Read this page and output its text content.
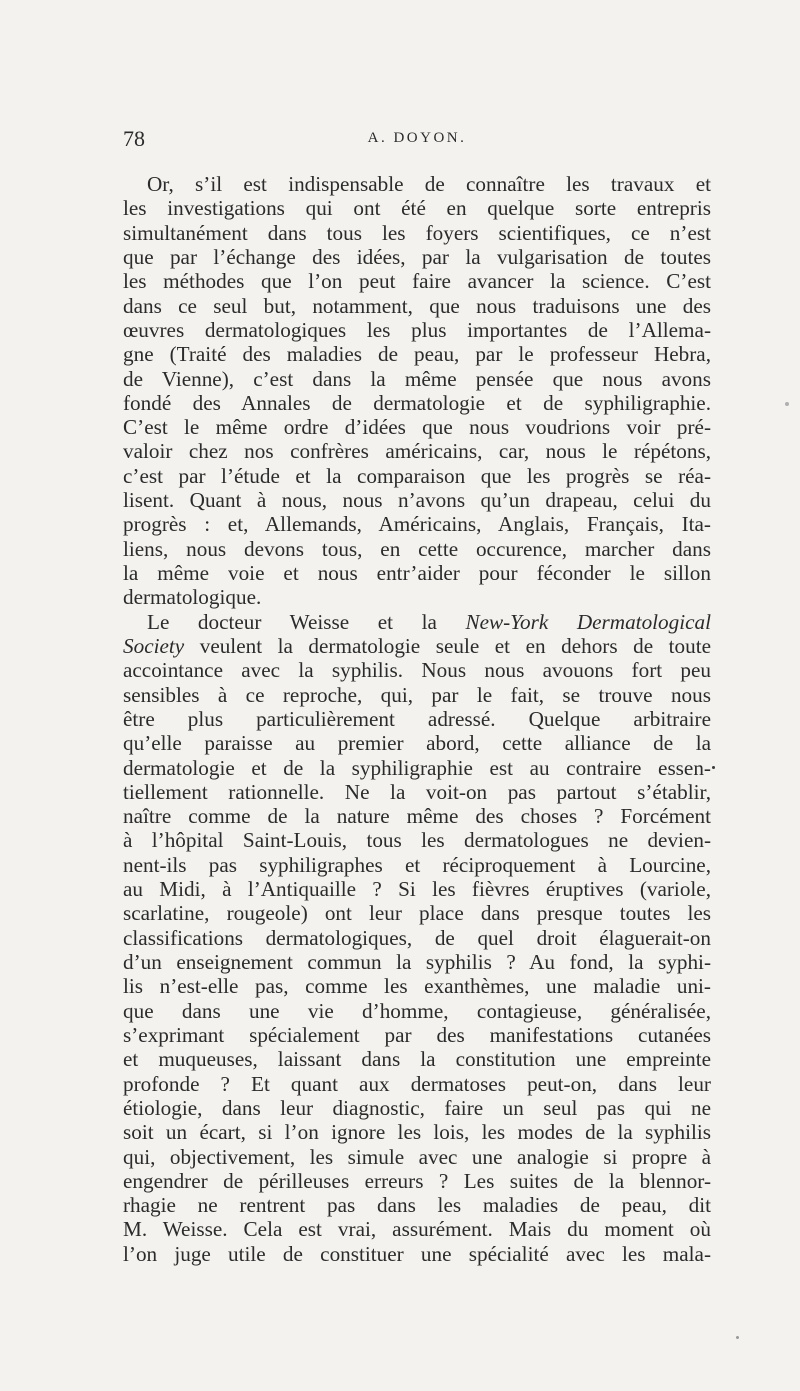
78	A. DOYON.
Or, s’il est indispensable de connaître les travaux et
les investigations qui ont été en quelque sorte entrepris
simultanément dans tous les foyers scientifiques, ce n’est
que par l’échange des idées, par la vulgarisation de toutes
les méthodes que l’on peut faire avancer la science. C’est
dans ce seul but, notamment, que nous traduisons une des
œuvres dermatologiques les plus importantes de l’Allema-
gne (Traité des maladies de peau, par le professeur Hebra,
de Vienne), c’est dans la même pensée que nous avons
fondé des Annales de dermatologie et de syphiligraphie.
C’est le même ordre d’idées que nous voudrions voir pré-
valoir chez nos confrères américains, car, nous le répétons,
c’est par l’étude et la comparaison que les progrès se réa-
lisent. Quant à nous, nous n’avons qu’un drapeau, celui du
progrès : et, Allemands, Américains, Anglais, Français, Ita-
liens, nous devons tous, en cette occurence, marcher dans
la même voie et nous entr’aider pour féconder le sillon
dermatologique.
Le docteur Weisse et la New-York Dermatological
Society veulent la dermatologie seule et en dehors de toute
accointance avec la syphilis. Nous nous avouons fort peu
sensibles à ce reproche, qui, par le fait, se trouve nous
être plus particulièrement adressé. Quelque arbitraire
qu’elle paraisse au premier abord, cette alliance de la
dermatologie et de la syphiligraphie est au contraire essen-
tiellement rationnelle. Ne la voit-on pas partout s’établir,
naître comme de la nature même des choses ? Forcément
à l’hôpital Saint-Louis, tous les dermatologues ne devien-
nent-ils pas syphiligraphes et réciproquement à Lourcine,
au Midi, à l’Antiquaille ? Si les fièvres éruptives (variole,
scarlatine, rougeole) ont leur place dans presque toutes les
classifications dermatologiques, de quel droit élaguerait-on
d’un enseignement commun la syphilis ? Au fond, la syphi-
lis n’est-elle pas, comme les exanthèmes, une maladie uni-
que dans une vie d’homme, contagieuse, généralisée,
s’exprimant spécialement par des manifestations cutanées
et muqueuses, laissant dans la constitution une empreinte
profonde ? Et quant aux dermatoses peut-on, dans leur
étiologie, dans leur diagnostic, faire un seul pas qui ne
soit un écart, si l’on ignore les lois, les modes de la syphilis
qui, objectivement, les simule avec une analogie si propre à
engendrer de périlleuses erreurs ? Les suites de la blennor-
rhagie ne rentrent pas dans les maladies de peau, dit
M. Weisse. Cela est vrai, assurément. Mais du moment où
l’on juge utile de constituer une spécialité avec les mala-
